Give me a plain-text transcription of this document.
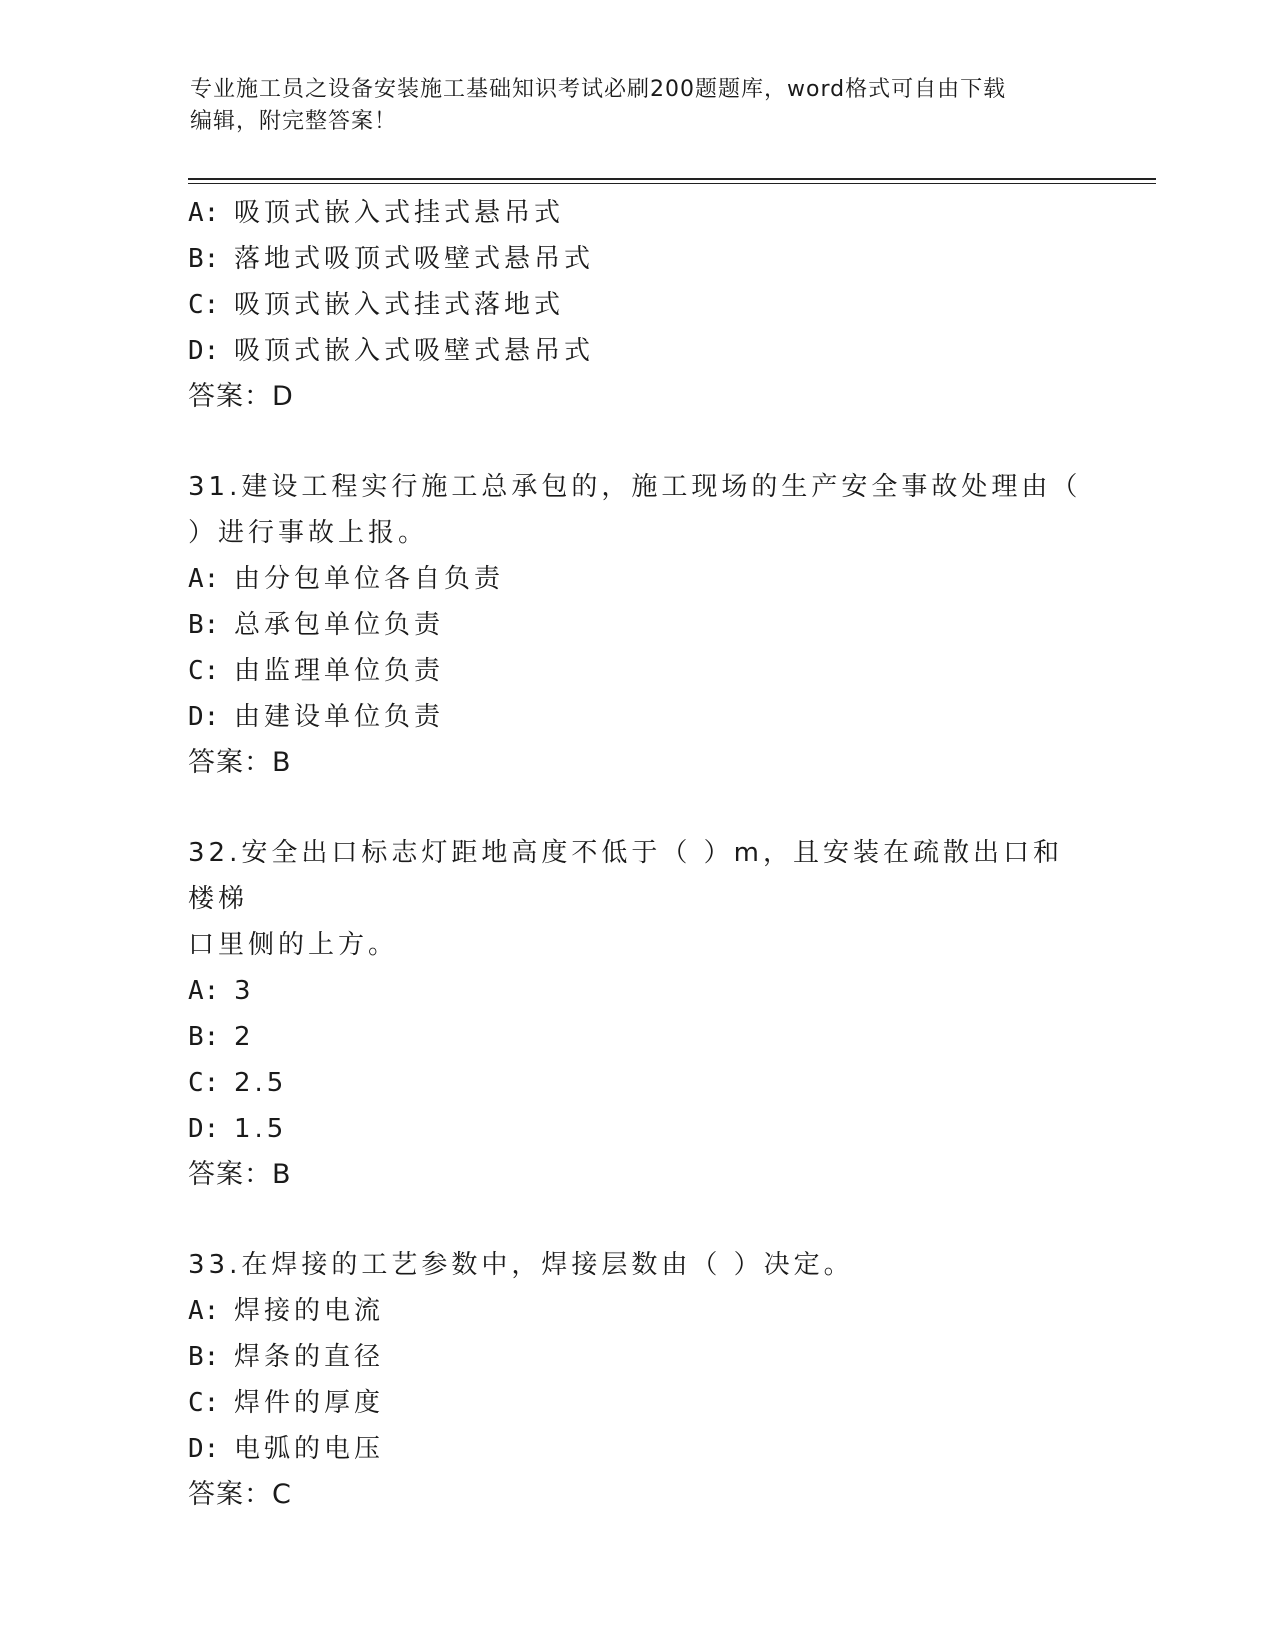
专业施工员之设备安装施工基础知识考试必刷200题题库，word格式可自由下载
编辑，附完整答案！
A: 吸顶式嵌入式挂式悬吊式
B: 落地式吸顶式吸壁式悬吊式
C: 吸顶式嵌入式挂式落地式
D: 吸顶式嵌入式吸壁式悬吊式
答案：D
31.建设工程实行施工总承包的，施工现场的生产安全事故处理由（
）进行事故上报。
A: 由分包单位各自负责
B: 总承包单位负责
C: 由监理单位负责
D: 由建设单位负责
答案：B
32.安全出口标志灯距地高度不低于（ ）m，且安装在疏散出口和楼梯
口里侧的上方。
A: 3
B: 2
C: 2.5
D: 1.5
答案：B
33.在焊接的工艺参数中，焊接层数由（ ）决定。
A: 焊接的电流
B: 焊条的直径
C: 焊件的厚度
D: 电弧的电压
答案：C
